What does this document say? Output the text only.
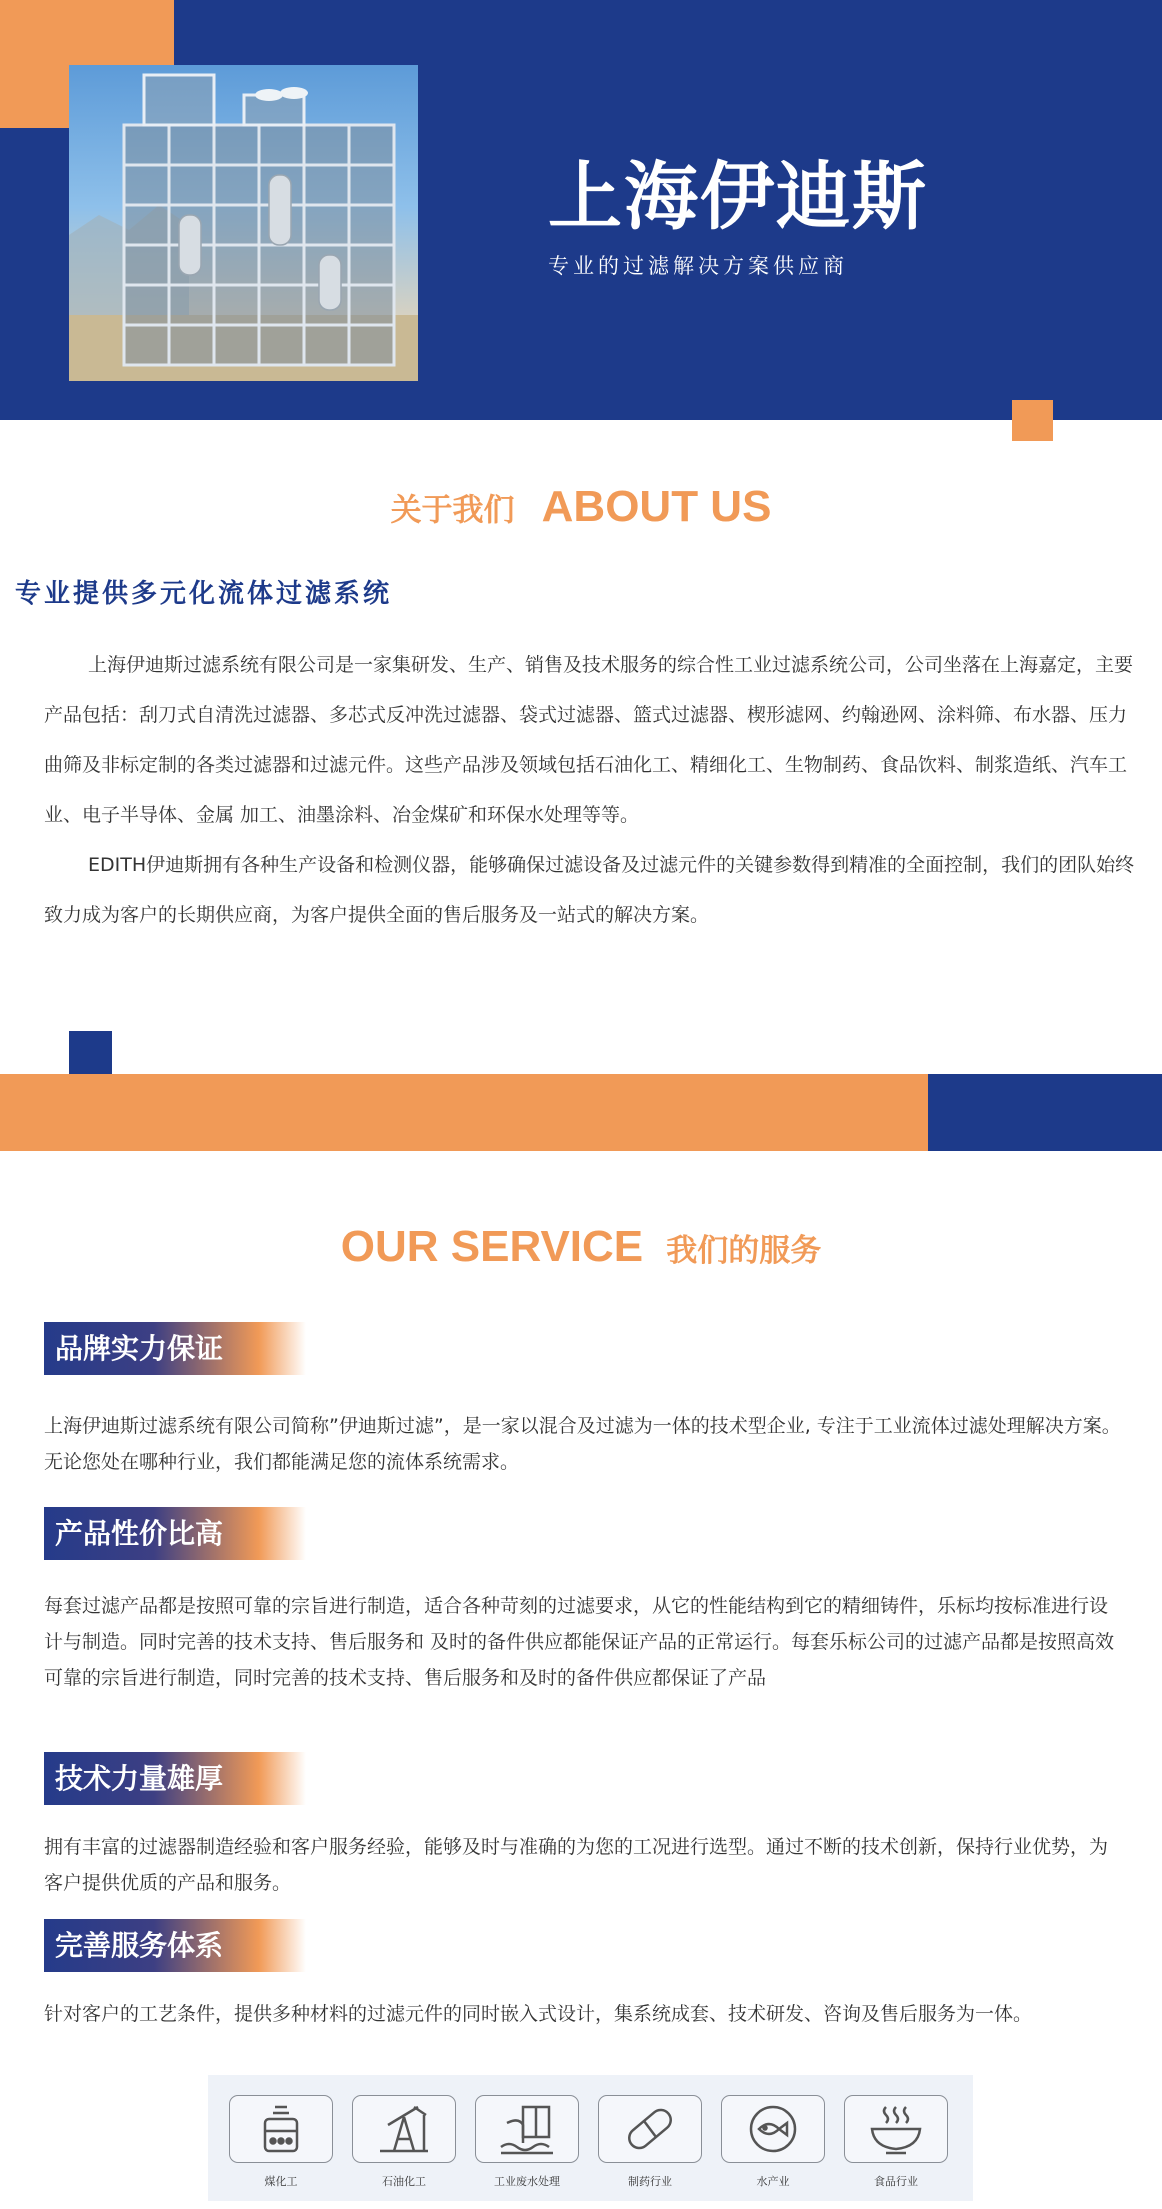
上海伊迪斯
专业的过滤解决方案供应商
关于我们 ABOUT US
专业提供多元化流体过滤系统

上海伊迪斯过滤系统有限公司是一家集研发、生产、销售及技术服务的综合性工业过滤系统公司，公司坐落在上海嘉定，主要产品包括：刮刀式自清洗过滤器、多芯式反冲洗过滤器、袋式过滤器、篮式过滤器、楔形滤网、约翰逊网、涂料筛、布水器、压力曲筛及非标定制的各类过滤器和过滤元件。这些产品涉及领域包括石油化工、精细化工、生物制药、食品饮料、制浆造纸、汽车工业、电子半导体、金属 加工、油墨涂料、冶金煤矿和环保水处理等等。

EDITH伊迪斯拥有各种生产设备和检测仪器，能够确保过滤设备及过滤元件的关键参数得到精准的全面控制，我们的团队始终致力成为客户的长期供应商，为客户提供全面的售后服务及一站式的解决方案。

OUR SERVICE 我们的服务
品牌实力保证
上海伊迪斯过滤系统有限公司简称”伊迪斯过滤”，是一家以混合及过滤为一体的技术型企业, 专注于工业流体过滤处理解决方案。无论您处在哪种行业，我们都能满足您的流体系统需求。
产品性价比高
每套过滤产品都是按照可靠的宗旨进行制造，适合各种苛刻的过滤要求，从它的性能结构到它的精细铸件，乐标均按标准进行设计与制造。同时完善的技术支持、售后服务和 及时的备件供应都能保证产品的正常运行。每套乐标公司的过滤产品都是按照高效可靠的宗旨进行制造，同时完善的技术支持、售后服务和及时的备件供应都保证了产品
技术力量雄厚
拥有丰富的过滤器制造经验和客户服务经验，能够及时与准确的为您的工况进行选型。通过不断的技术创新，保持行业优势，为客户提供优质的产品和服务。
完善服务体系
针对客户的工艺条件，提供多种材料的过滤元件的同时嵌入式设计，集系统成套、技术研发、咨询及售后服务为一体。
煤化工	石油化工	工业废水处理	制药行业	水产业	食品行业
